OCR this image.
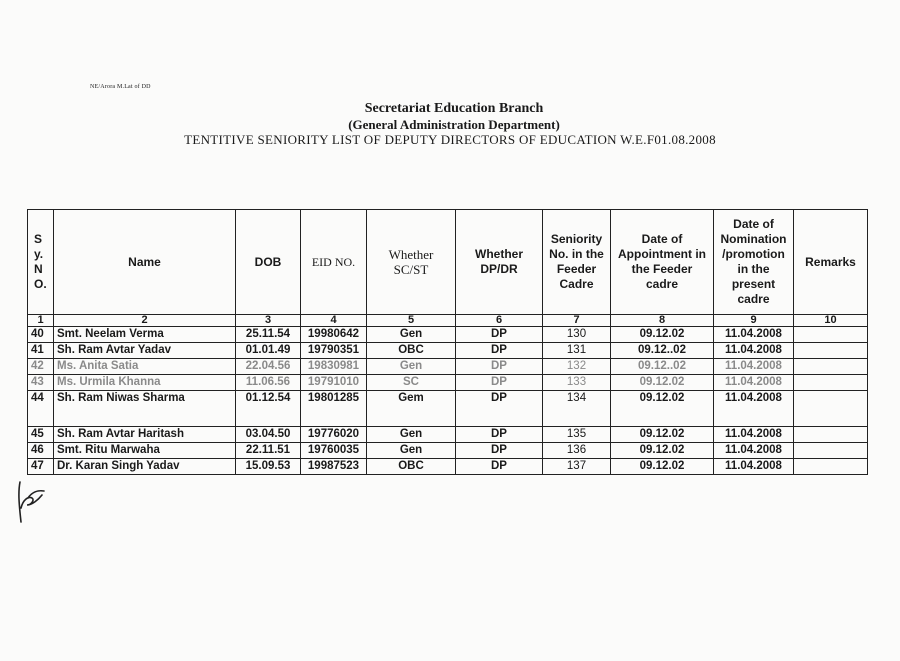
NE/Arora M.Lat of DD
Secretariat Education Branch
(General Administration Department)
TENTITIVE SENIORITY LIST OF DEPUTY DIRECTORS OF EDUCATION W.E.F01.08.2008
S y. N O.	Name	DOB	EID NO.	Whether SC/ST	Whether DP/DR	Seniority No. in the Feeder Cadre	Date of Appointment in the Feeder cadre	Date of Nomination /promotion in the present cadre	Remarks
1	2	3	4	5	6	7	8	9	10
40	Smt. Neelam Verma	25.11.54	19980642	Gen	DP	130	09.12.02	11.04.2008	
41	Sh. Ram Avtar Yadav	01.01.49	19790351	OBC	DP	131	09.12..02	11.04.2008	
42	Ms. Anita Satia	22.04.56	19830981	Gen	DP	132	09.12..02	11.04.2008	
43	Ms. Urmila Khanna	11.06.56	19791010	SC	DP	133	09.12.02	11.04.2008	
44	Sh. Ram Niwas Sharma	01.12.54	19801285	Gem	DP	134	09.12.02	11.04.2008	
45	Sh. Ram Avtar Haritash	03.04.50	19776020	Gen	DP	135	09.12.02	11.04.2008	
46	Smt. Ritu Marwaha	22.11.51	19760035	Gen	DP	136	09.12.02	11.04.2008	
47	Dr. Karan Singh Yadav	15.09.53	19987523	OBC	DP	137	09.12.02	11.04.2008	
